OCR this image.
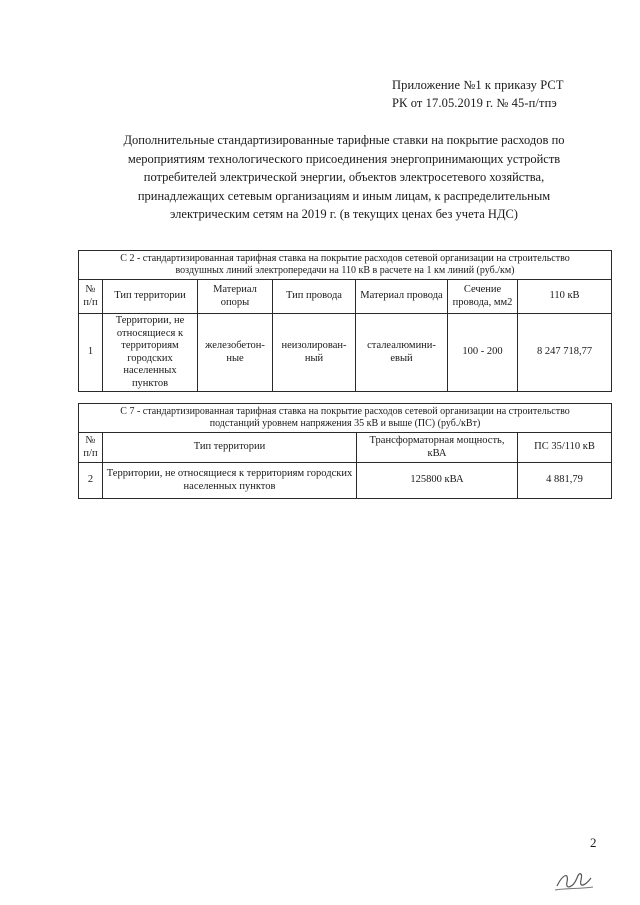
Приложение №1 к приказу РСТ
РК от 17.05.2019 г. № 45-п/тпэ
Дополнительные стандартизированные тарифные ставки на покрытие расходов по
мероприятиям технологического присоединения энергопринимающих устройств
потребителей электрической энергии, объектов электросетевого хозяйства,
принадлежащих сетевым организациям и иным лицам, к распределительным
электрическим сетям на 2019 г. (в текущих ценах без учета НДС)
С 2 - стандартизированная тарифная ставка на покрытие расходов сетевой организации на строительство
воздушных линий электропередачи на 110 кВ в расчете на 1 км линий (руб./км)						

№ п/п	Тип территории	Материал опоры	Тип провода	Материал провода	Сечение провода, мм2	110 кВ
1	Территории, не относящиеся к территориям городских населенных пунктов	железобетон-ные	неизолирован-ный	сталеалюмини-евый	100 - 200	8 247 718,77
С 7 - стандартизированная тарифная ставка на покрытие расходов сетевой организации на строительство
подстанций уровнем напряжения 35 кВ и выше (ПС) (руб./кВт)			

№ п/п	Тип территории	Трансформаторная мощность, кВА	ПС 35/110 кВ
2	Территории, не относящиеся к территориям городских населенных пунктов	125800 кВА	4 881,79
2
